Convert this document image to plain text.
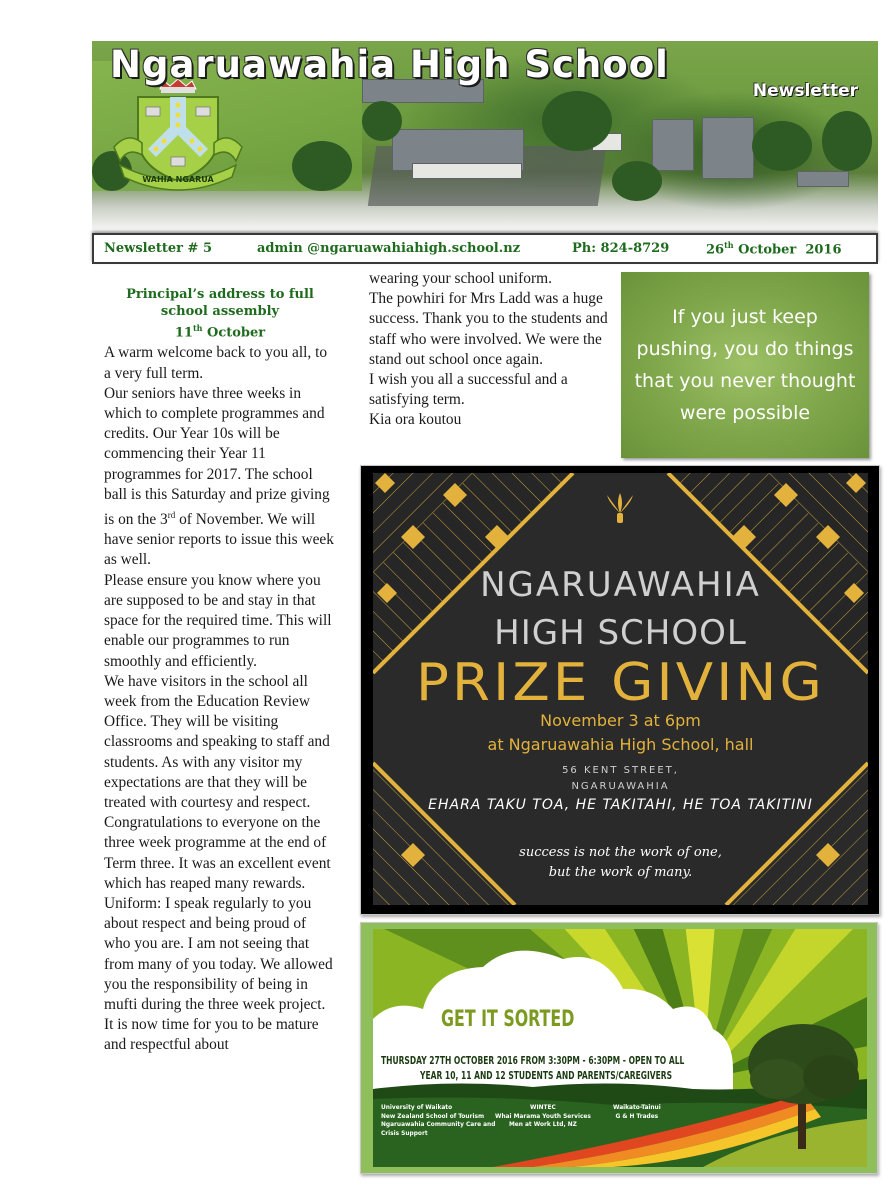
WAHIA NGARUA
Ngaruawahia High School
Newsletter
Newsletter # 5	admin @ngaruawahiahigh.school.nz	Ph: 824-8729	26th October  2016
Principal’s address to full
school assembly
11th October

A warm welcome back to you all, to a very full term.

Our seniors have three weeks in which to complete programmes and credits. Our Year 10s will be commencing their Year 11 programmes for 2017. The school ball is this Saturday and prize giving is on the 3rd of November. We will have senior reports to issue this week as well.

Please ensure you know where you are supposed to be and stay in that space for the required time. This will enable our programmes to run smoothly and efficiently.

We have visitors in the school all week from the Education Review Office. They will be visiting classrooms and speaking to staff and students. As with any visitor my expectations are that they will be treated with courtesy and respect.

Congratulations to everyone on the three week programme at the end of Term three. It was an excellent event which has reaped many rewards.

Uniform: I speak regularly to you about respect and being proud of who you are. I am not seeing that from many of you today. We allowed you the responsibility of being in mufti during the three week project. It is now time for you to be mature and respectful about

wearing your school uniform.

The powhiri for Mrs Ladd was a huge success. Thank you to the students and staff who were involved. We were the stand out school once again.

I wish you all a successful and a satisfying term.

Kia ora koutou

If you just keep pushing, you do things that you never thought were possible
NGARUAWAHIA
HIGH SCHOOL
PRIZE GIVING
November 3 at 6pm
at Ngaruawahia High School, hall
56 KENT STREET,
NGARUAWAHIA
EHARA TAKU TOA, HE TAKITAHI, HE TOA TAKITINI
success is not the work of one,
but the work of many.
GET IT SORTED
THURSDAY 27TH OCTOBER 2016 FROM 3:30PM - 6:30PM - OPEN TO ALL
YEAR 10, 11 AND 12 STUDENTS AND PARENTS/CAREGIVERS
University of Waikato
New Zealand School of Tourism
Ngaruawahia Community Care and
Crisis Support
WINTEC
Whai Marama Youth Services
Men at Work Ltd, NZ
Waikato-Tainui
G & H Trades
